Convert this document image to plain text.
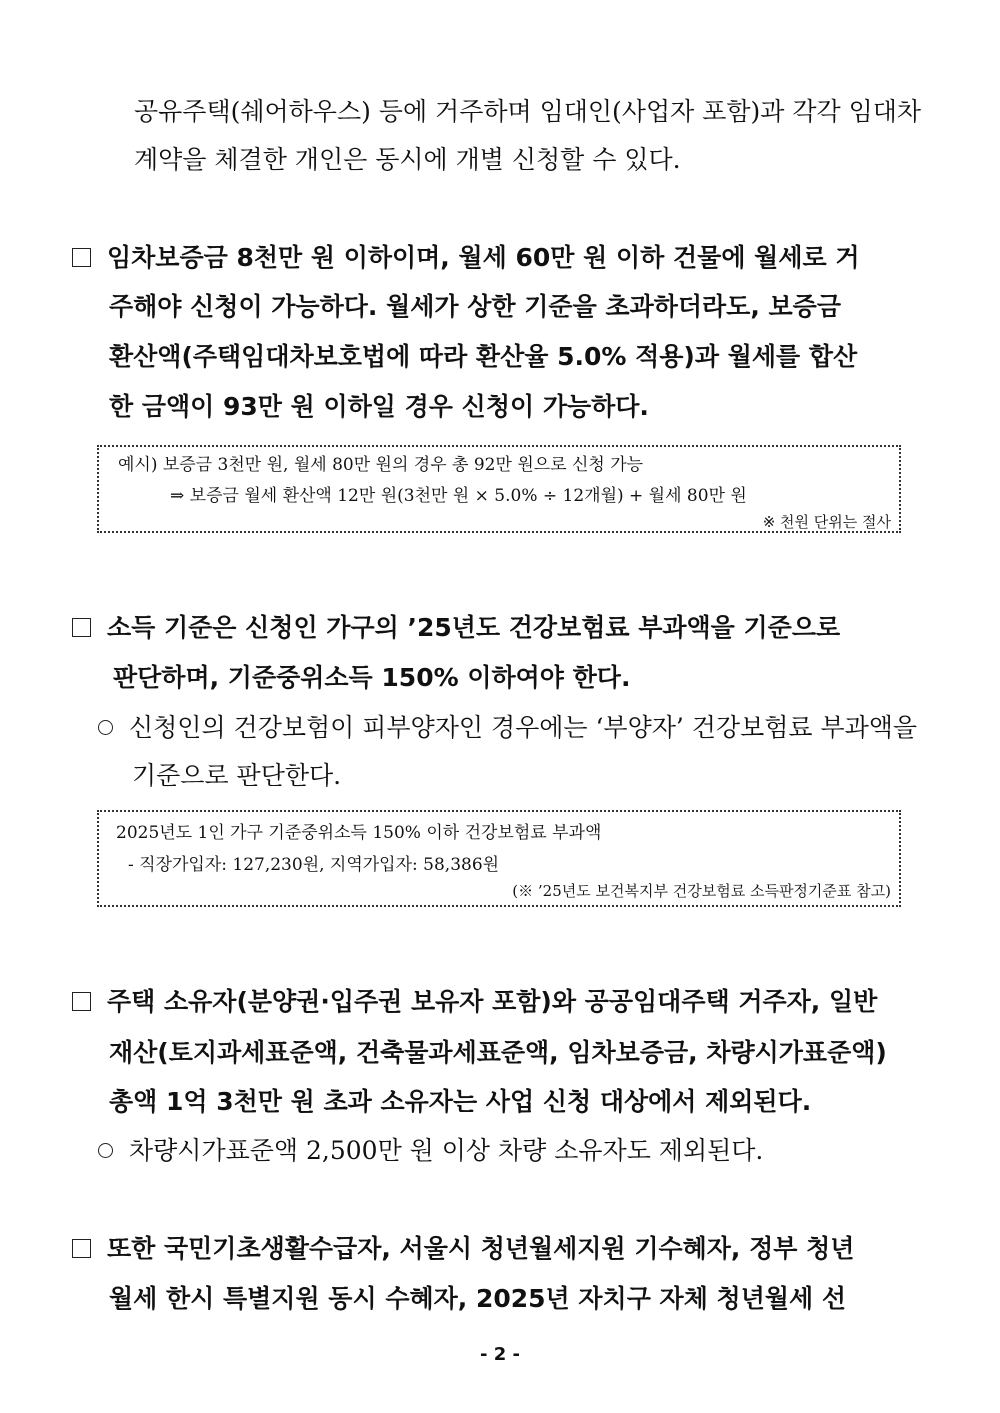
공유주택(쉐어하우스) 등에 거주하며 임대인(사업자 포함)과 각각 임대차
계약을 체결한 개인은 동시에 개별 신청할 수 있다.
임차보증금 8천만 원 이하이며, 월세 60만 원 이하 건물에 월세로 거
주해야 신청이 가능하다. 월세가 상한 기준을 초과하더라도, 보증금
환산액(주택임대차보호법에 따라 환산율 5.0% 적용)과 월세를 합산
한 금액이 93만 원 이하일 경우 신청이 가능하다.
예시) 보증금 3천만 원, 월세 80만 원의 경우 총 92만 원으로 신청 가능
⇒ 보증금 월세 환산액 12만 원(3천만 원 × 5.0% ÷ 12개월) + 월세 80만 원
※ 천원 단위는 절사
소득 기준은 신청인 가구의 ’25년도 건강보험료 부과액을 기준으로
판단하며, 기준중위소득 150% 이하여야 한다.
신청인의 건강보험이 피부양자인 경우에는 ‘부양자’ 건강보험료 부과액을
기준으로 판단한다.
2025년도 1인 가구 기준중위소득 150% 이하 건강보험료 부과액
- 직장가입자: 127,230원, 지역가입자: 58,386원
(※ ’25년도 보건복지부 건강보험료 소득판정기준표 참고)
주택 소유자(분양권·입주권 보유자 포함)와 공공임대주택 거주자, 일반
재산(토지과세표준액, 건축물과세표준액, 임차보증금, 차량시가표준액)
총액 1억 3천만 원 초과 소유자는 사업 신청 대상에서 제외된다.
차량시가표준액 2,500만 원 이상 차량 소유자도 제외된다.
또한 국민기초생활수급자, 서울시 청년월세지원 기수혜자, 정부 청년
월세 한시 특별지원 동시 수혜자, 2025년 자치구 자체 청년월세 선
- 2 -
